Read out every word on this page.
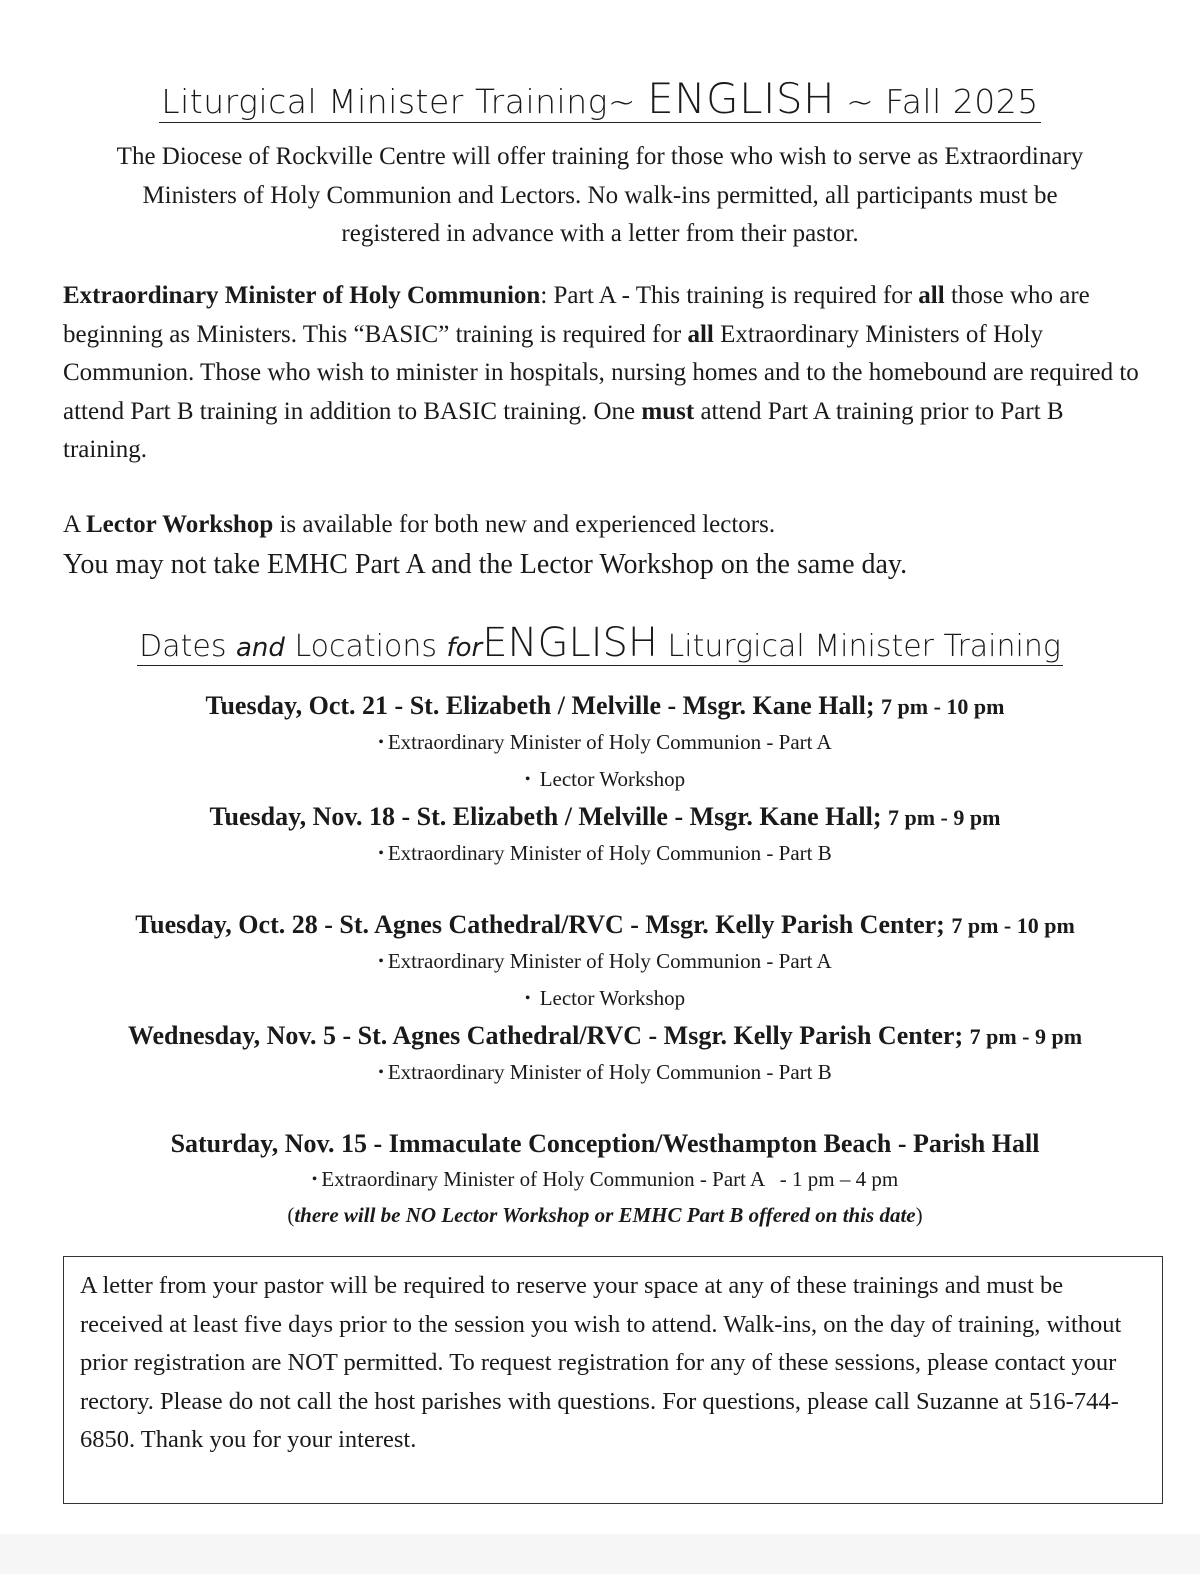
Liturgical Minister Training~ ENGLISH ~ Fall 2025
The Diocese of Rockville Centre will offer training for those who wish to serve as Extraordinary Ministers of Holy Communion and Lectors. No walk-ins permitted, all participants must be registered in advance with a letter from their pastor.
Extraordinary Minister of Holy Communion: Part A - This training is required for all those who are beginning as Ministers. This “BASIC” training is required for all Extraordinary Ministers of Holy Communion. Those who wish to minister in hospitals, nursing homes and to the homebound are required to attend Part B training in addition to BASIC training. One must attend Part A training prior to Part B training.
A Lector Workshop is available for both new and experienced lectors.
You may not take EMHC Part A and the Lector Workshop on the same day.
Dates and Locations forENGLISH Liturgical Minister Training
Tuesday, Oct. 21 - St. Elizabeth / Melville - Msgr. Kane Hall; 7 pm - 10 pm
• Extraordinary Minister of Holy Communion - Part A
• Lector Workshop
Tuesday, Nov. 18 - St. Elizabeth / Melville - Msgr. Kane Hall; 7 pm - 9 pm
• Extraordinary Minister of Holy Communion - Part B
Tuesday, Oct. 28 - St. Agnes Cathedral/RVC - Msgr. Kelly Parish Center; 7 pm - 10 pm
• Extraordinary Minister of Holy Communion - Part A
• Lector Workshop
Wednesday, Nov. 5 - St. Agnes Cathedral/RVC - Msgr. Kelly Parish Center; 7 pm - 9 pm
• Extraordinary Minister of Holy Communion - Part B
Saturday, Nov. 15 - Immaculate Conception/Westhampton Beach - Parish Hall
• Extraordinary Minister of Holy Communion - Part A   - 1 pm – 4 pm
(there will be NO Lector Workshop or EMHC Part B offered on this date)
A letter from your pastor will be required to reserve your space at any of these trainings and must be received at least five days prior to the session you wish to attend. Walk-ins, on the day of training, without prior registration are NOT permitted. To request registration for any of these sessions, please contact your rectory. Please do not call the host parishes with questions. For questions, please call Suzanne at 516-744-6850. Thank you for your interest.
